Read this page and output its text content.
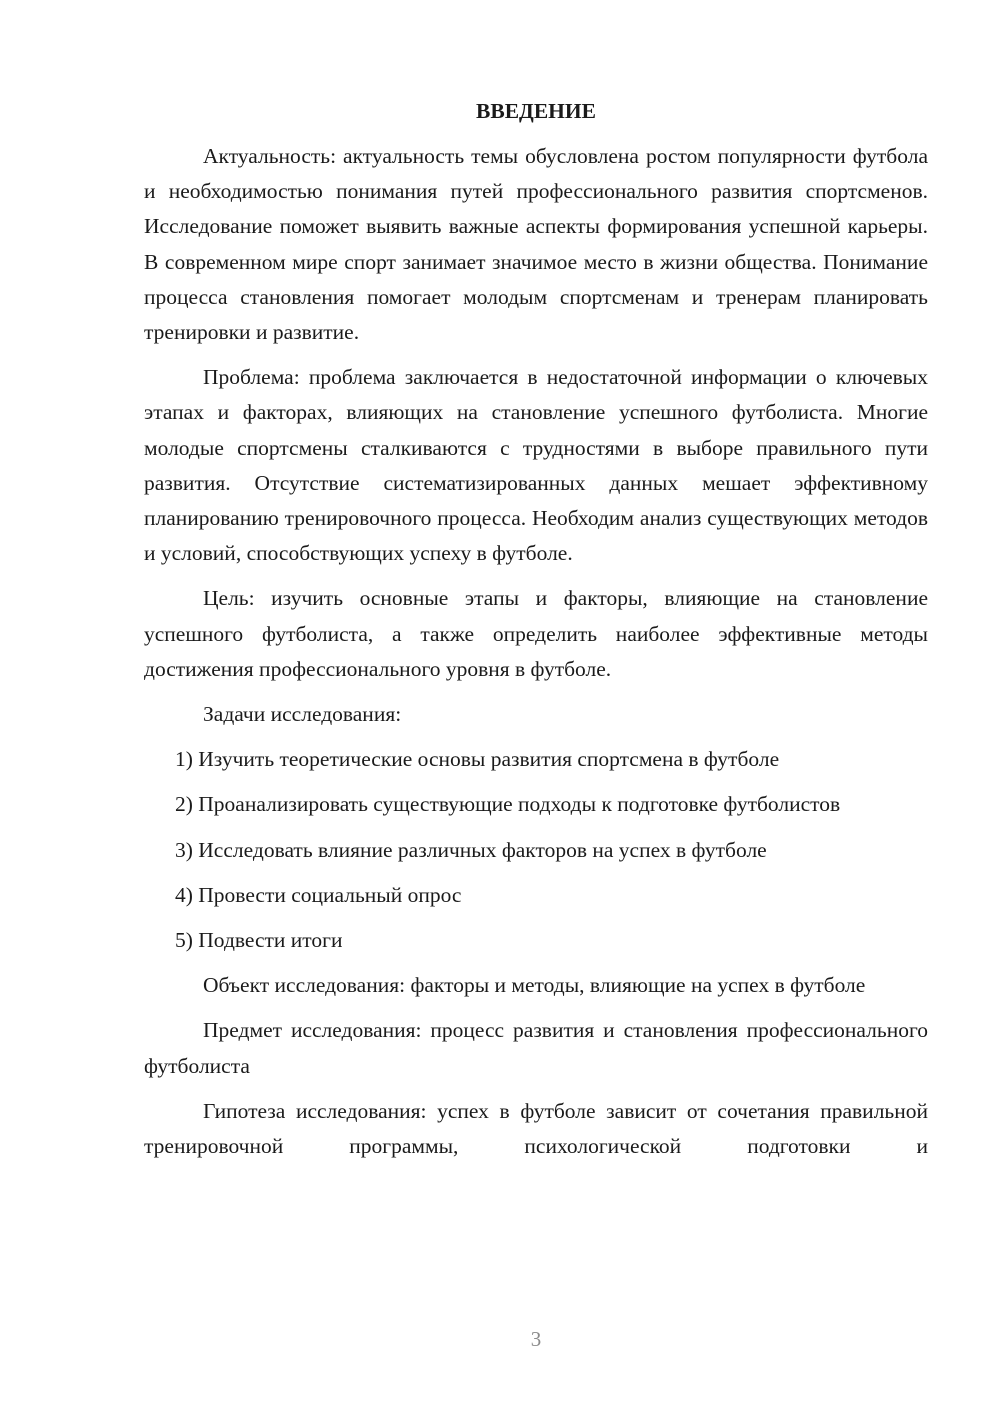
ВВЕДЕНИЕ

Актуальность: актуальность темы обусловлена ростом популярности футбола и необходимостью понимания путей профессионального развития спортсменов. Исследование поможет выявить важные аспекты формирования успешной карьеры. В современном мире спорт занимает значимое место в жизни общества. Понимание процесса становления помогает молодым спортсменам и тренерам планировать тренировки и развитие.

Проблема: проблема заключается в недостаточной информации о ключевых этапах и факторах, влияющих на становление успешного футболиста. Многие молодые спортсмены сталкиваются с трудностями в выборе правильного пути развития. Отсутствие систематизированных данных мешает эффективному планированию тренировочного процесса. Необходим анализ существующих методов и условий, способствующих успеху в футболе.

Цель: изучить основные этапы и факторы, влияющие на становление успешного футболиста, а также определить наиболее эффективные методы достижения профессионального уровня в футболе.

Задачи исследования:

1) Изучить теоретические основы развития спортсмена в футболе

2) Проанализировать существующие подходы к подготовке футболистов

3) Исследовать влияние различных факторов на успех в футболе

4) Провести социальный опрос

5) Подвести итоги

Объект исследования: факторы и методы, влияющие на успех в футболе

Предмет исследования: процесс развития и становления профессионального футболиста

Гипотеза исследования: успех в футболе зависит от сочетания правильной тренировочной программы, психологической подготовки и

3
